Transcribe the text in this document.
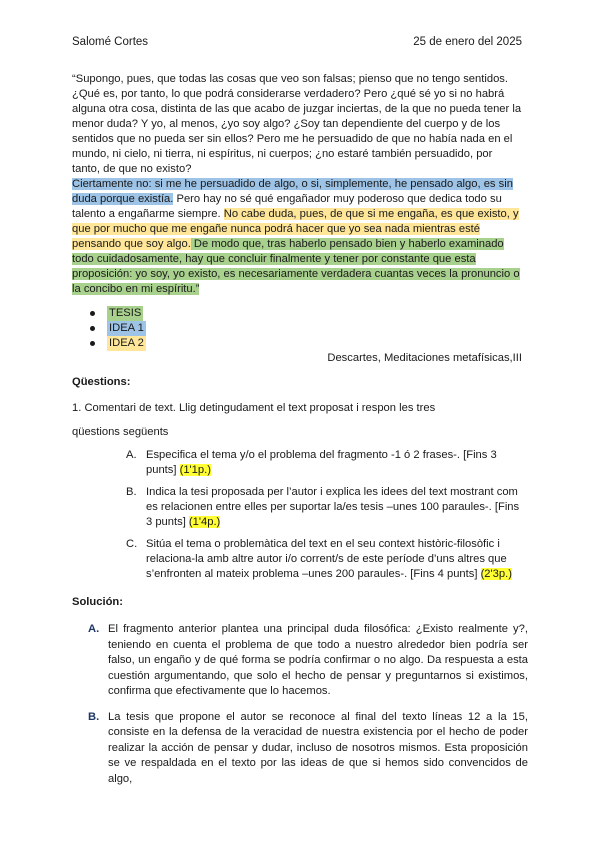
Salomé Cortes	25 de enero del 2025
“Supongo, pues, que todas las cosas que veo son falsas; pienso que no tengo sentidos. ¿Qué es, por tanto, lo que podrá considerarse verdadero? Pero ¿qué sé yo si no habrá alguna otra cosa, distinta de las que acabo de juzgar inciertas, de la que no pueda tener la menor duda? Y yo, al menos, ¿yo soy algo? ¿Soy tan dependiente del cuerpo y de los sentidos que no pueda ser sin ellos? Pero me he persuadido de que no había nada en el mundo, ni cielo, ni tierra, ni espíritus, ni cuerpos; ¿no estaré también persuadido, por tanto, de que no existo?
Ciertamente no: si me he persuadido de algo, o si, simplemente, he pensado algo, es sin duda porque existía. Pero hay no sé qué engañador muy poderoso que dedica todo su talento a engañarme siempre. No cabe duda, pues, de que si me engaña, es que existo, y que por mucho que me engañe nunca podrá hacer que yo sea nada mientras esté pensando que soy algo. De modo que, tras haberlo pensado bien y haberlo examinado todo cuidadosamente, hay que concluir finalmente y tener por constante que esta proposición: yo soy, yo existo, es necesariamente verdadera cuantas veces la pronuncio o la concibo en mi espíritu.”
TESIS
IDEA 1
IDEA 2
Descartes, Meditaciones metafísicas,III
Qüestions:
1. Comentari de text. Llig detingudament el text proposat i respon les tres
qüestions següents
A. Especifica el tema y/o el problema del fragmento -1 ó 2 frases-. [Fins 3 punts] (1'1p.)
B. Indica la tesi proposada per l’autor i explica les idees del text mostrant com es relacionen entre elles per suportar la/es tesis –unes 100 paraules-. [Fins 3 punts] (1'4p.)
C. Sitúa el tema o problemàtica del text en el seu context històric-filosòfic i relaciona-la amb altre autor i/o corrent/s de este període d’uns altres que s’enfronten al mateix problema –unes 200 paraules-. [Fins 4 punts] (2'3p.)
Solución:
A. El fragmento anterior plantea una principal duda filosófica: ¿Existo realmente y?, teniendo en cuenta el problema de que todo a nuestro alrededor bien podría ser falso, un engaño y de qué forma se podría confirmar o no algo. Da respuesta a esta cuestión argumentando, que solo el hecho de pensar y preguntarnos si existimos, confirma que efectivamente que lo hacemos.
B. La tesis que propone el autor se reconoce al final del texto líneas 12 a la 15, consiste en la defensa de la veracidad de nuestra existencia por el hecho de poder realizar la acción de pensar y dudar, incluso de nosotros mismos. Esta proposición se ve respaldada en el texto por las ideas de que si hemos sido convencidos de algo,
